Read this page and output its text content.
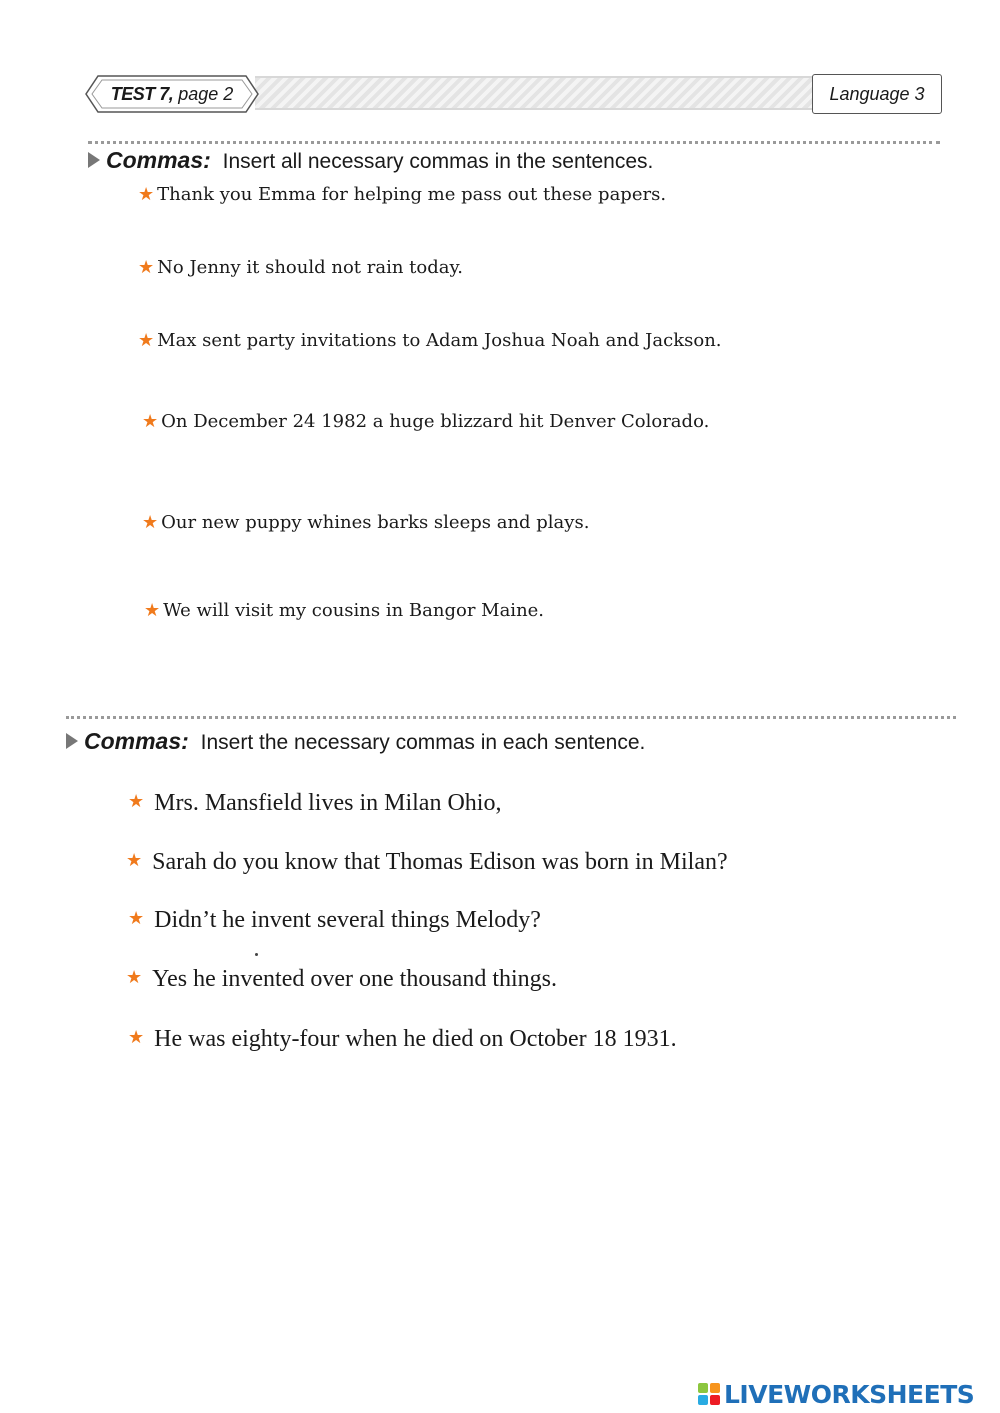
TEST 7, page 2	Language 3
Commas: Insert all necessary commas in the sentences.
★ Thank you Emma for helping me pass out these papers.
★ No Jenny it should not rain today.
★ Max sent party invitations to Adam Joshua Noah and Jackson.
★ On December 24 1982 a huge blizzard hit Denver Colorado.
★ Our new puppy whines barks sleeps and plays.
★ We will visit my cousins in Bangor Maine.
Commas: Insert the necessary commas in each sentence.
★ Mrs. Mansfield lives in Milan Ohio,
★ Sarah do you know that Thomas Edison was born in Milan?
★ Didn’t he invent several things Melody?
★ Yes he invented over one thousand things.
★ He was eighty-four when he died on October 18 1931.
LIVEWORKSHEETS
